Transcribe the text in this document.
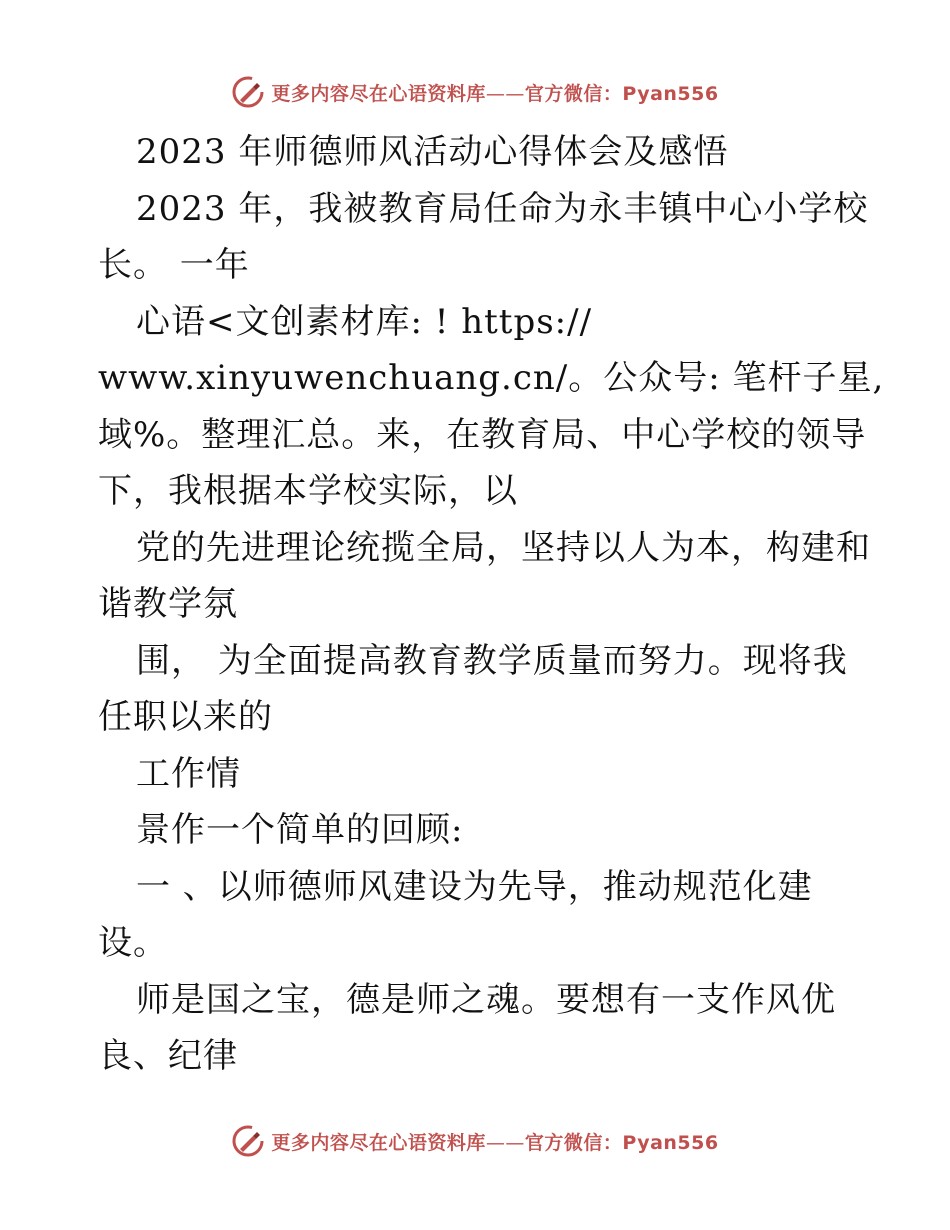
更多内容尽在心语资料库——官方微信：Pyan556
2023 年师德师风活动心得体会及感悟
2023 年，我被教育局任命为永丰镇中心小学校
长。 一年
心语<文创素材库: ! https://
www.xinyuwenchuang.cn/。公众号: 笔杆子星,
域%。整理汇总。来，在教育局、中心学校的领导
下，我根据本学校实际，以
党的先进理论统揽全局，坚持以人为本，构建和
谐教学氛
围， 为全面提高教育教学质量而努力。现将我
任职以来的
工作情
景作一个简单的回顾:
一 、以师德师风建设为先导，推动规范化建
设。
师是国之宝，德是师之魂。要想有一支作风优
良、纪律
更多内容尽在心语资料库——官方微信：Pyan556
